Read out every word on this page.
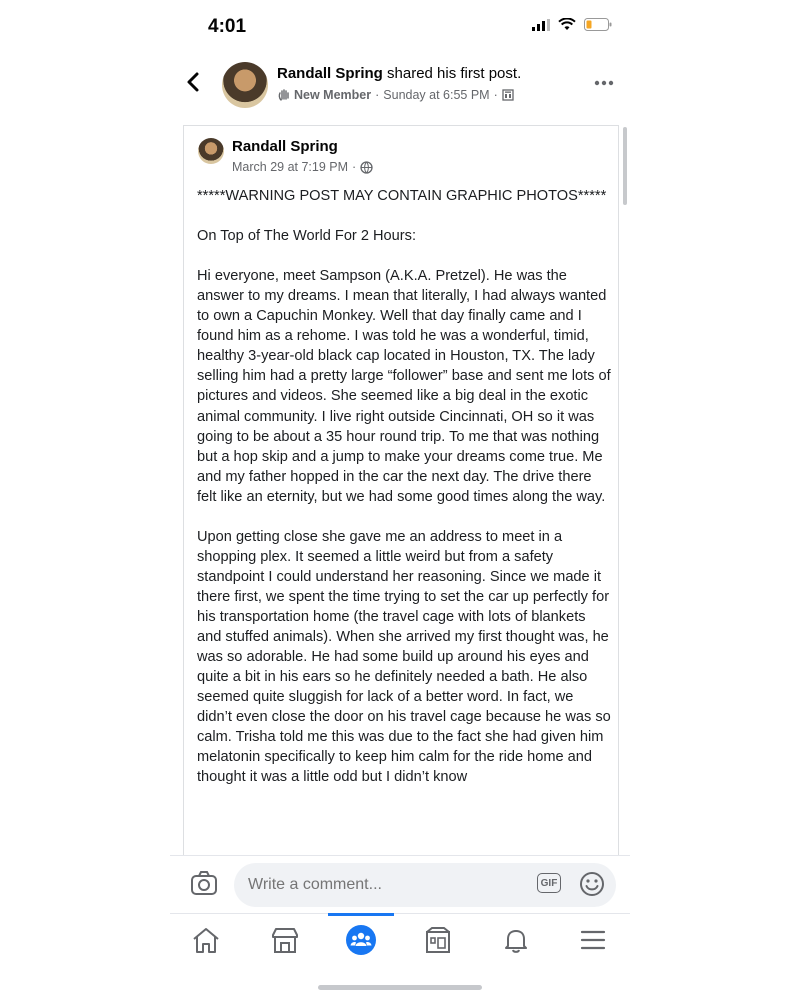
4:01
Randall Spring shared his first post.
New Member · Sunday at 6:55 PM ·
Randall Spring
March 29 at 7:19 PM ·
*****WARNING POST MAY CONTAIN GRAPHIC PHOTOS*****

On Top of The World For 2 Hours:

Hi everyone, meet Sampson (A.K.A. Pretzel). He was the answer to my dreams. I mean that literally, I had always wanted to own a Capuchin Monkey. Well that day finally came and I found him as a rehome. I was told he was a wonderful, timid, healthy 3-year-old black cap located in Houston, TX. The lady selling him had a pretty large “follower” base and sent me lots of pictures and videos. She seemed like a big deal in the exotic animal community. I live right outside Cincinnati, OH so it was going to be about a 35 hour round trip. To me that was nothing but a hop skip and a jump to make your dreams come true. Me and my father hopped in the car the next day. The drive there felt like an eternity, but we had some good times along the way.

Upon getting close she gave me an address to meet in a shopping plex. It seemed a little weird but from a safety standpoint I could understand her reasoning. Since we made it there first, we spent the time trying to set the car up perfectly for his transportation home (the travel cage with lots of blankets and stuffed animals). When she arrived my first thought was, he was so adorable. He had some build up around his eyes and quite a bit in his ears so he definitely needed a bath. He also seemed quite sluggish for lack of a better word. In fact, we didn’t even close the door on his travel cage because he was so calm. Trisha told me this was due to the fact she had given him melatonin specifically to keep him calm for the ride home and thought it was a little odd but I didn’t know
Write a comment...
GIF
